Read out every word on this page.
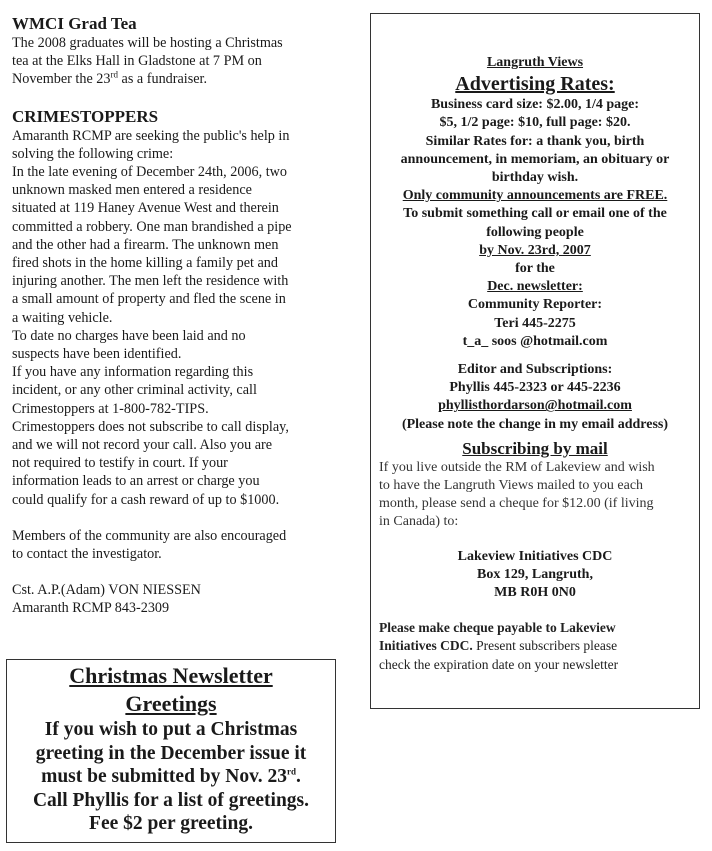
WMCI Grad Tea

The 2008 graduates will be hosting a Christmas

tea at the Elks Hall in Gladstone at 7 PM on

November the 23rd as a fundraiser.

CRIMESTOPPERS

Amaranth RCMP are seeking the public's help in

solving the following crime:

In the late evening of December 24th, 2006, two

unknown masked men entered a residence

situated at 119 Haney Avenue West and therein

committed a robbery. One man brandished a pipe

and the other had a firearm. The unknown men

fired shots in the home killing a family pet and

injuring another. The men left the residence with

a small amount of property and fled the scene in

a waiting vehicle.

To date no charges have been laid and no

suspects have been identified.

If you have any information regarding this

incident, or any other criminal activity, call

Crimestoppers at 1-800-782-TIPS.

Crimestoppers does not subscribe to call display,

and we will not record your call. Also you are

not required to testify in court. If your

information leads to an arrest or charge you

could qualify for a cash reward of up to $1000.

Members of the community are also encouraged

to contact the investigator.

Cst. A.P.(Adam) VON NIESSEN

Amaranth RCMP 843-2309

Christmas Newsletter
Greetings
If you wish to put a Christmas
greeting in the December issue it
must be submitted by Nov. 23rd.
Call Phyllis for a list of greetings.
Fee $2 per greeting.
Langruth Views
Advertising Rates:
Business card size: $2.00, 1/4 page:
$5, 1/2 page: $10, full page: $20.
Similar Rates for: a thank you, birth
announcement, in memoriam, an obituary or
birthday wish.
Only community announcements are FREE.
To submit something call or email one of the
following people
by Nov. 23rd, 2007
for the
Dec. newsletter:
Community Reporter:
Teri 445-2275
t_a_ soos @hotmail.com
Editor and Subscriptions:
Phyllis 445-2323 or 445-2236
phyllisthordarson@hotmail.com
(Please note the change in my email address)
Subscribing by mail
If you live outside the RM of Lakeview and wish
to have the Langruth Views mailed to you each
month, please send a cheque for $12.00 (if living
in Canada) to:
Lakeview Initiatives CDC
Box 129, Langruth,
MB R0H 0N0
Please make cheque payable to Lakeview
Initiatives CDC. Present subscribers please
check the expiration date on your newsletter
